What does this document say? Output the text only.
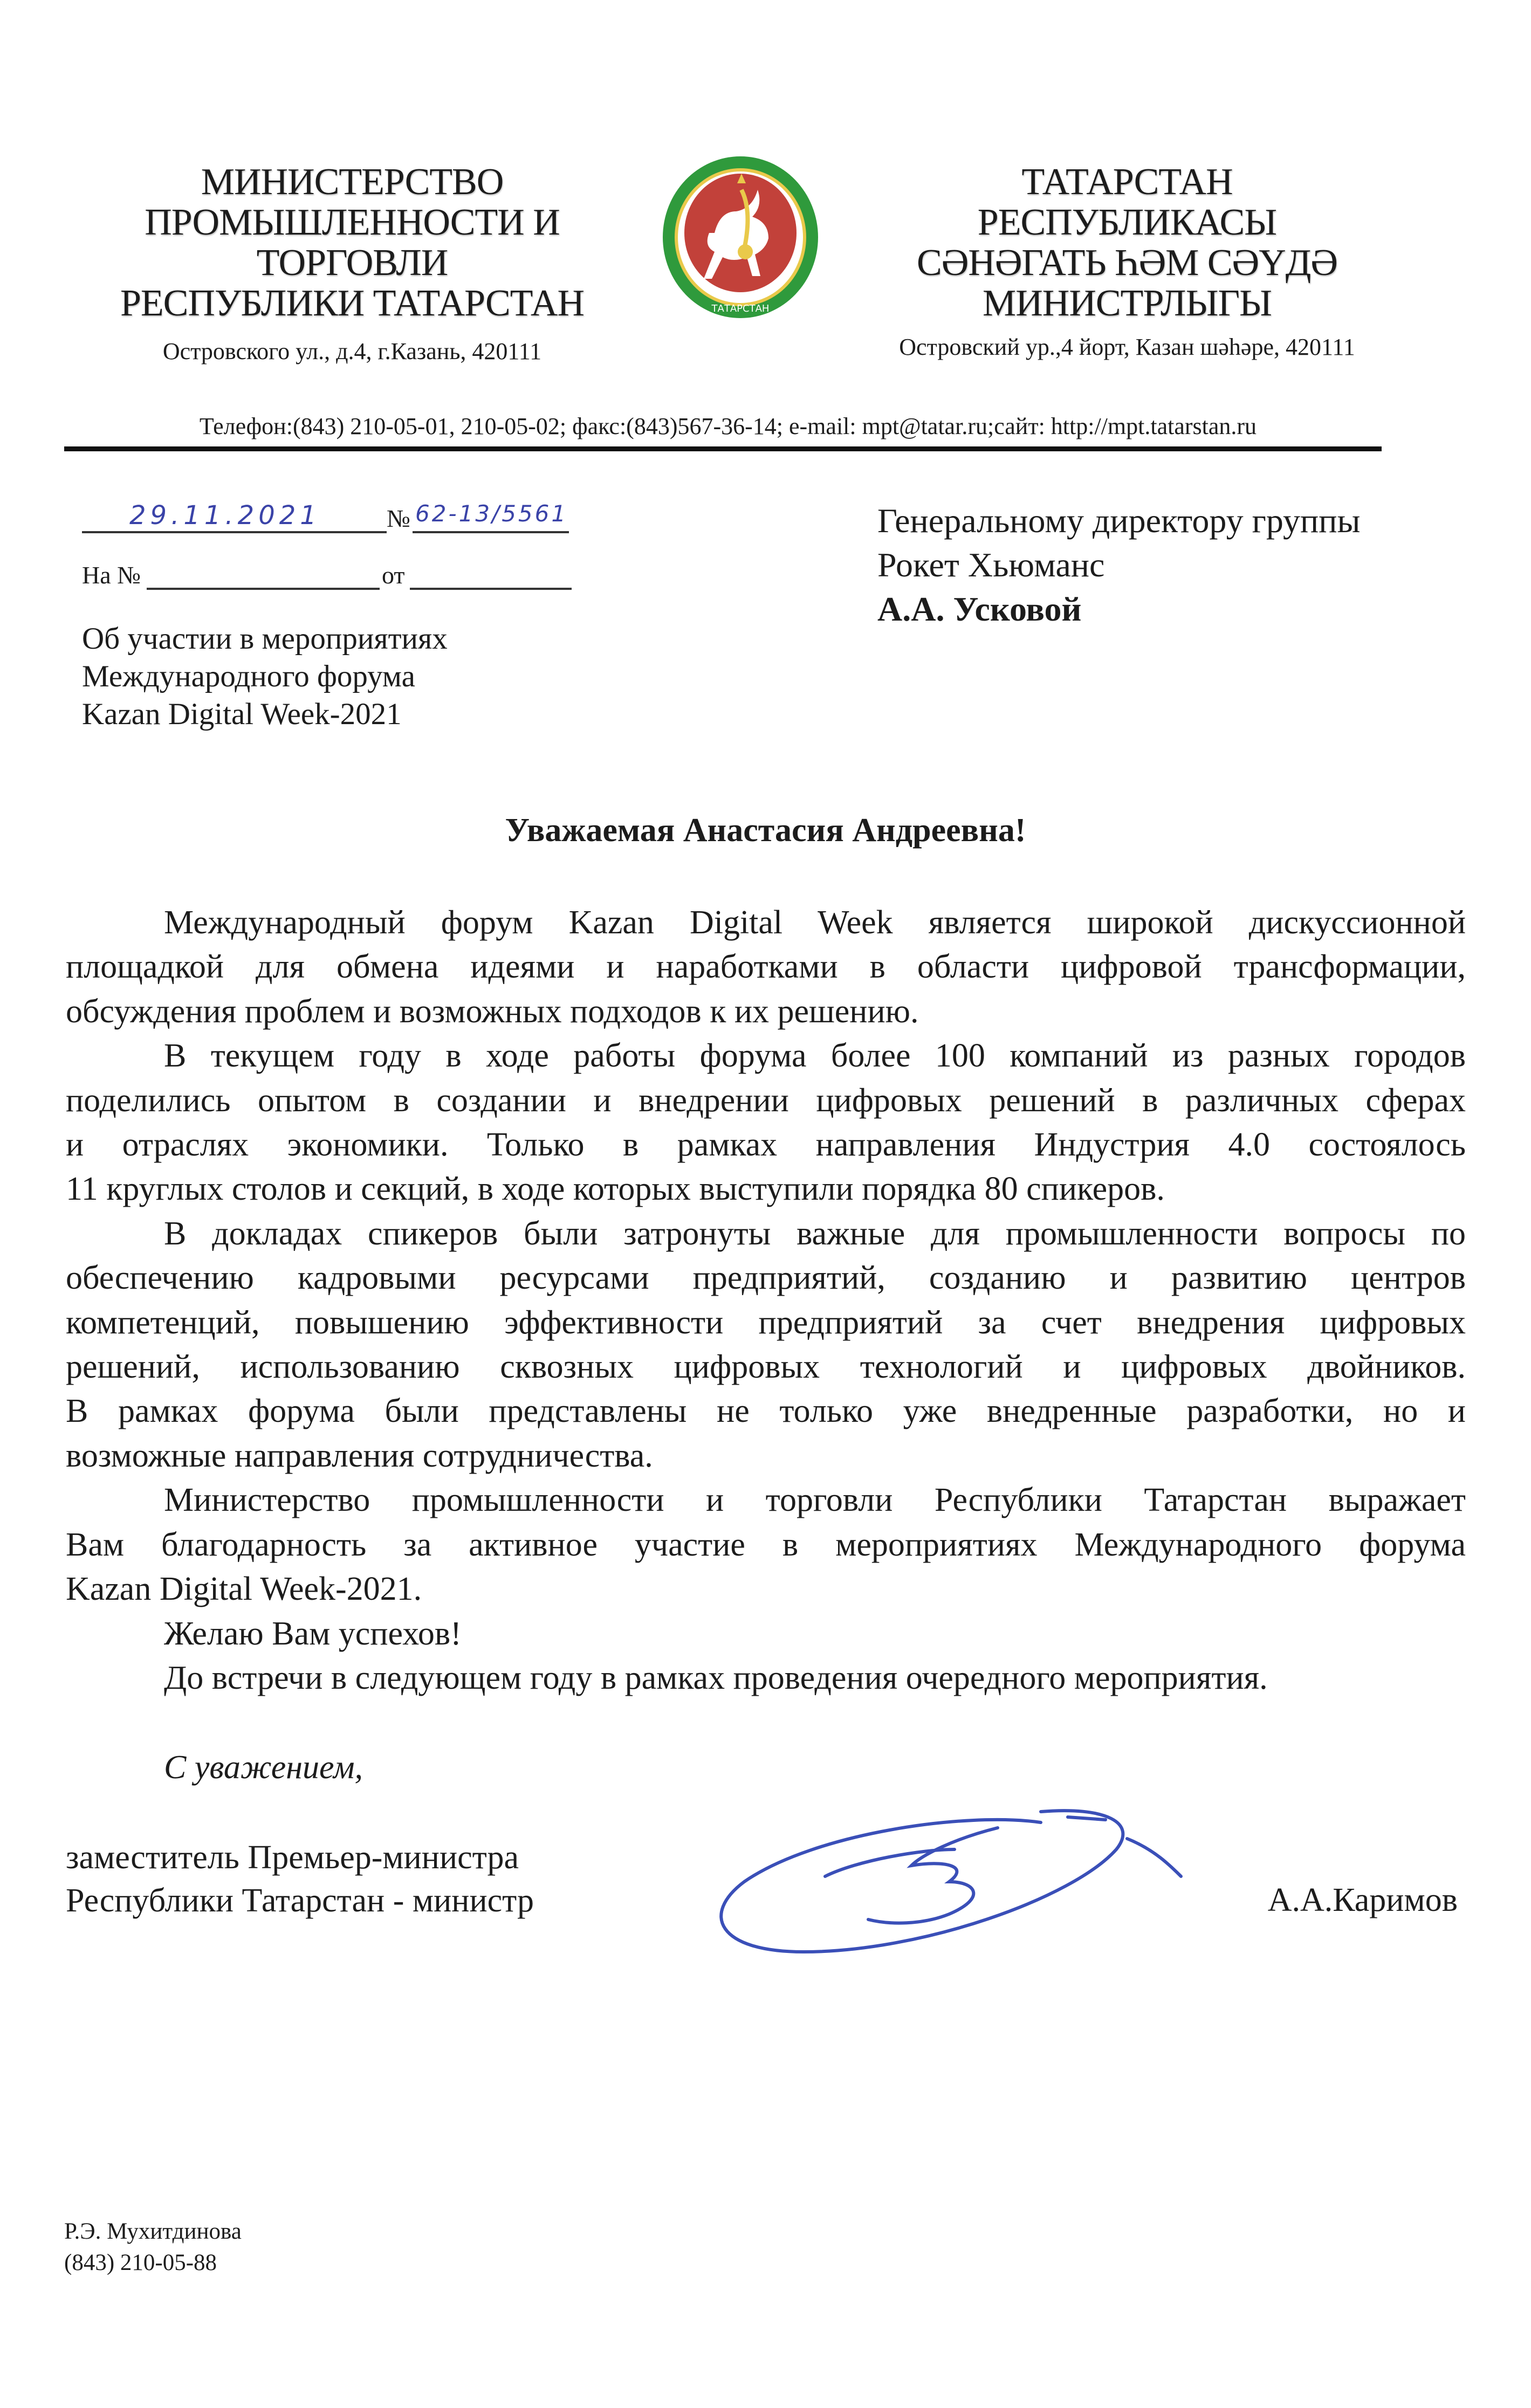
МИНИСТЕРСТВО
ПРОМЫШЛЕННОСТИ И
ТОРГОВЛИ
РЕСПУБЛИКИ ТАТАРСТАН
Островского ул., д.4, г.Казань, 420111
ТАТАРСТАН
ТАТАРСТАН
РЕСПУБЛИКАСЫ
СӘНӘГАТЬ ҺӘМ СӘҮДӘ
МИНИСТРЛЫГЫ
Островский ур.,4 йорт, Казан шәһәре, 420111
Телефон:(843) 210-05-01, 210-05-02; факс:(843)567-36-14; e-mail: mpt@tatar.ru;сайт: http://mpt.tatarstan.ru
29.11.2021	№ 62-13/5561
На №	от
Об участии в мероприятиях
Международного форума
Kazan Digital Week-2021
Генеральному директору группы
Рокет Хьюманс
А.А. Усковой
Уважаемая Анастасия Андреевна!
Международный форум Kazan Digital Week является широкой дискуссионной
площадкой для обмена идеями и наработками в области цифровой трансформации,
обсуждения проблем и возможных подходов к их решению.
В текущем году в ходе работы форума более 100 компаний из разных городов
поделились опытом в создании и внедрении цифровых решений в различных сферах
и отраслях экономики. Только в рамках направления Индустрия 4.0 состоялось
11 круглых столов и секций, в ходе которых выступили порядка 80 спикеров.
В докладах спикеров были затронуты важные для промышленности вопросы по
обеспечению кадровыми ресурсами предприятий, созданию и развитию центров
компетенций, повышению эффективности предприятий за счет внедрения цифровых
решений, использованию сквозных цифровых технологий и цифровых двойников.
В рамках форума были представлены не только уже внедренные разработки, но и
возможные направления сотрудничества.
Министерство промышленности и торговли Республики Татарстан выражает
Вам благодарность за активное участие в мероприятиях Международного форума
Kazan Digital Week-2021.
Желаю Вам успехов!
До встречи в следующем году в рамках проведения очередного мероприятия.
С уважением,
заместитель Премьер-министра
Республики Татарстан - министр	А.А.Каримов
Р.Э. Мухитдинова
(843) 210-05-88
